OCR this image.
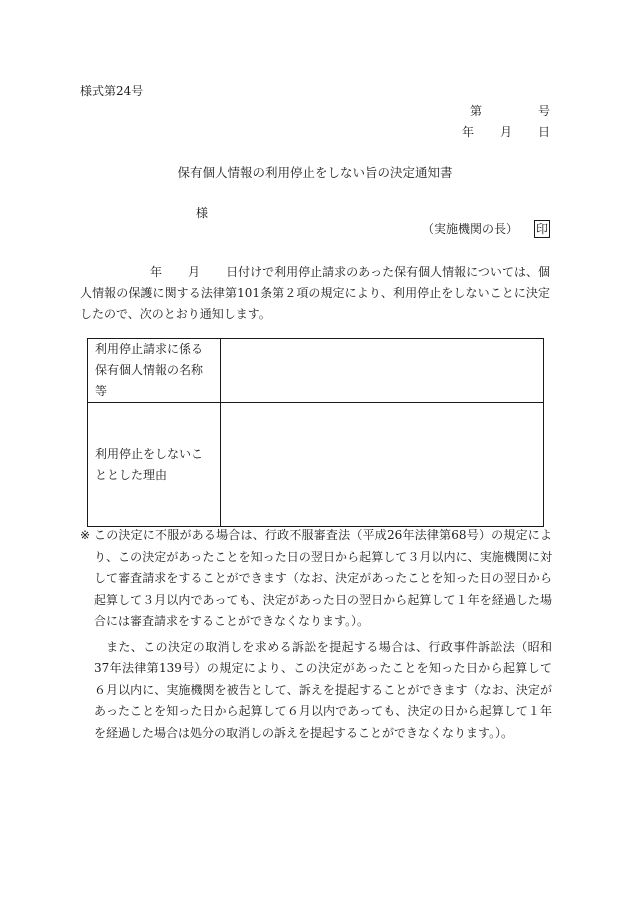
様式第24号
第	号
年 月 日
保有個人情報の利用停止をしない旨の決定通知書
様
（実施機関の長） 印
年 月 日付けで利用停止請求のあった保有個人情報については、個人情報の保護に関する法律第101条第２項の規定により、利用停止をしないことに決定したので、次のとおり通知します。
利用停止請求に係る保有個人情報の名称等	
利用停止をしないこととした理由	
※ この決定に不服がある場合は、行政不服審査法（平成26年法律第68号）の規定により、この決定があったことを知った日の翌日から起算して３月以内に、実施機関に対して審査請求をすることができます（なお、決定があったことを知った日の翌日から起算して３月以内であっても、決定があった日の翌日から起算して１年を経過した場合には審査請求をすることができなくなります。）。
また、この決定の取消しを求める訴訟を提起する場合は、行政事件訴訟法（昭和37年法律第139号）の規定により、この決定があったことを知った日から起算して６月以内に、実施機関を被告として、訴えを提起することができます（なお、決定があったことを知った日から起算して６月以内であっても、決定の日から起算して１年を経過した場合は処分の取消しの訴えを提起することができなくなります。）。
